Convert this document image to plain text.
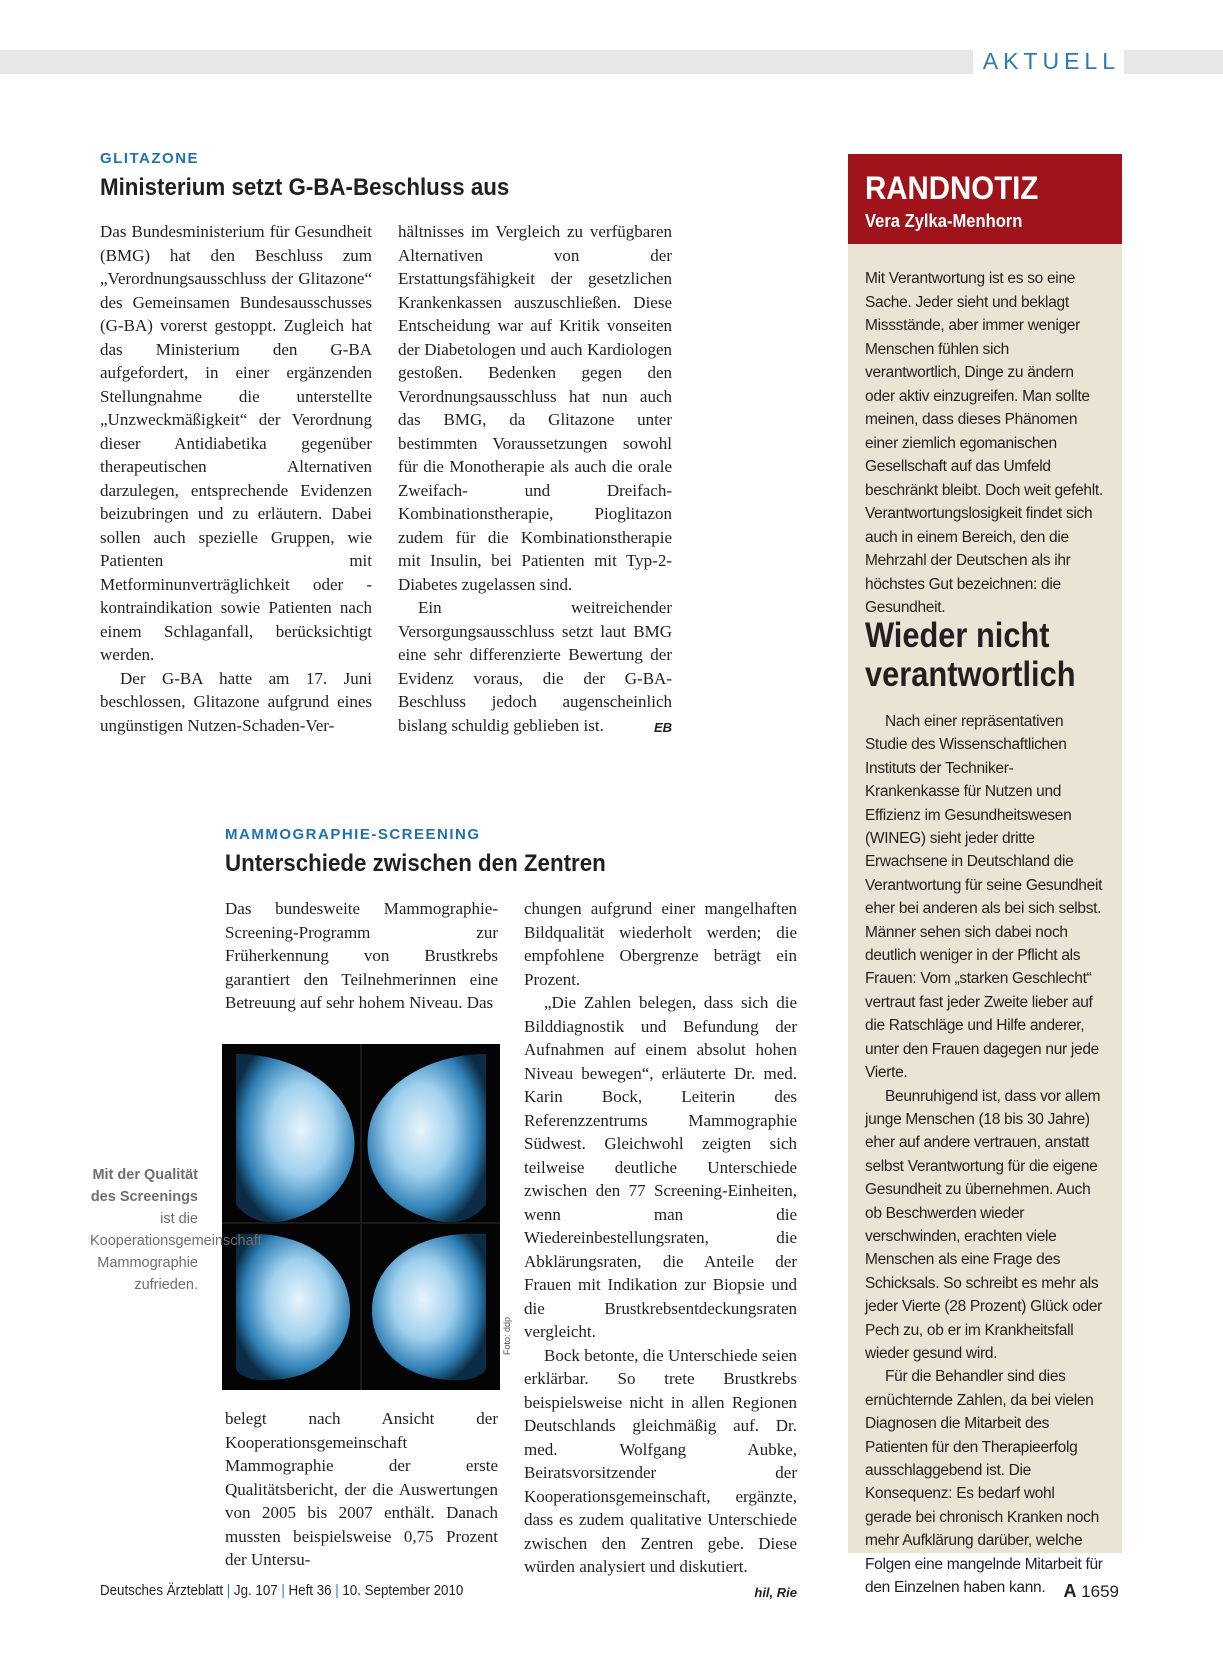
AKTUELL
GLITAZONE
Ministerium setzt G-BA-Beschluss aus

Das Bundesministerium für Gesundheit (BMG) hat den Beschluss zum „Verordnungsausschluss der Glitazone“ des Gemeinsamen Bundesausschusses (G-BA) vorerst gestoppt. Zugleich hat das Ministerium den G-BA aufgefordert, in einer ergänzenden Stellungnahme die unterstellte „Unzweckmäßigkeit“ der Verordnung dieser Antidiabetika gegenüber therapeutischen Alternativen darzulegen, entsprechende Evidenzen beizubringen und zu erläutern. Dabei sollen auch spezielle Gruppen, wie Patienten mit Metforminunverträglichkeit oder -kontraindikation sowie Patienten nach einem Schlaganfall, berücksichtigt werden.

Der G-BA hatte am 17. Juni beschlossen, Glitazone aufgrund eines ungünstigen Nutzen-Schaden-Ver-

hältnisses im Vergleich zu verfügbaren Alternativen von der Erstattungsfähigkeit der gesetzlichen Krankenkassen auszuschließen. Diese Entscheidung war auf Kritik vonseiten der Diabetologen und auch Kardiologen gestoßen. Bedenken gegen den Verordnungsausschluss hat nun auch das BMG, da Glitazone unter bestimmten Voraussetzungen sowohl für die Monotherapie als auch die orale Zweifach- und Dreifach-Kombinationstherapie, Pioglitazon zudem für die Kombinationstherapie mit Insulin, bei Patienten mit Typ-2-Diabetes zugelassen sind.

Ein weitreichender Versorgungsausschluss setzt laut BMG eine sehr differenzierte Bewertung der Evidenz voraus, die der G-BA-Beschluss jedoch augenscheinlich bislang schuldig geblieben ist.	EB

MAMMOGRAPHIE-SCREENING
Unterschiede zwischen den Zentren

Das bundesweite Mammographie-Screening-Programm zur Früherkennung von Brustkrebs garantiert den Teilnehmerinnen eine Betreuung auf sehr hohem Niveau. Das

Foto: ddp
Mit der Qualität des Screenings ist die Kooperationsgemeinschaft Mammographie zufrieden.

belegt nach Ansicht der Kooperationsgemeinschaft Mammographie der erste Qualitätsbericht, der die Auswertungen von 2005 bis 2007 enthält. Danach mussten beispielsweise 0,75 Prozent der Untersu-

chungen aufgrund einer mangelhaften Bildqualität wiederholt werden; die empfohlene Obergrenze beträgt ein Prozent.

„Die Zahlen belegen, dass sich die Bilddiagnostik und Befundung der Aufnahmen auf einem absolut hohen Niveau bewegen“, erläuterte Dr. med. Karin Bock, Leiterin des Referenzzentrums Mammographie Südwest. Gleichwohl zeigten sich teilweise deutliche Unterschiede zwischen den 77 Screening-Einheiten, wenn man die Wiedereinbestellungsraten, die Abklärungsraten, die Anteile der Frauen mit Indikation zur Biopsie und die Brustkrebsentdeckungsraten vergleicht.

Bock betonte, die Unterschiede seien erklärbar. So trete Brustkrebs beispielsweise nicht in allen Regionen Deutschlands gleichmäßig auf. Dr. med. Wolfgang Aubke, Beiratsvorsitzender der Kooperationsgemeinschaft, ergänzte, dass es zudem qualitative Unterschiede zwischen den Zentren gebe. Diese würden analysiert und diskutiert.
hil, Rie

RANDNOTIZ
Vera Zylka-Menhorn
Mit Verantwortung ist es so eine Sache. Jeder sieht und beklagt Missstände, aber immer weniger Menschen fühlen sich verantwortlich, Dinge zu ändern oder aktiv einzugreifen. Man sollte meinen, dass dieses Phänomen einer ziemlich egomanischen Gesellschaft auf das Umfeld beschränkt bleibt. Doch weit gefehlt. Verantwortungslosigkeit findet sich auch in einem Bereich, den die Mehrzahl der Deutschen als ihr höchstes Gut bezeichnen: die Gesundheit.
Wieder nicht verantwortlich

Nach einer repräsentativen Studie des Wissenschaftlichen Instituts der Techniker-Krankenkasse für Nutzen und Effizienz im Gesundheitswesen (WINEG) sieht jeder dritte Erwachsene in Deutschland die Verantwortung für seine Gesundheit eher bei anderen als bei sich selbst. Männer sehen sich dabei noch deutlich weniger in der Pflicht als Frauen: Vom „starken Geschlecht“ vertraut fast jeder Zweite lieber auf die Ratschläge und Hilfe anderer, unter den Frauen dagegen nur jede Vierte.

Beunruhigend ist, dass vor allem junge Menschen (18 bis 30 Jahre) eher auf andere vertrauen, anstatt selbst Verantwortung für die eigene Gesundheit zu übernehmen. Auch ob Beschwerden wieder verschwinden, erachten viele Menschen als eine Frage des Schicksals. So schreibt es mehr als jeder Vierte (28 Prozent) Glück oder Pech zu, ob er im Krankheitsfall wieder gesund wird.

Für die Behandler sind dies ernüchternde Zahlen, da bei vielen Diagnosen die Mitarbeit des Patienten für den Therapieerfolg ausschlaggebend ist. Die Konsequenz: Es bedarf wohl gerade bei chronisch Kranken noch mehr Aufklärung darüber, welche Folgen eine mangelnde Mitarbeit für den Einzelnen haben kann.

Deutsches Ärzteblatt | Jg. 107 | Heft 36 | 10. September 2010	A 1659
